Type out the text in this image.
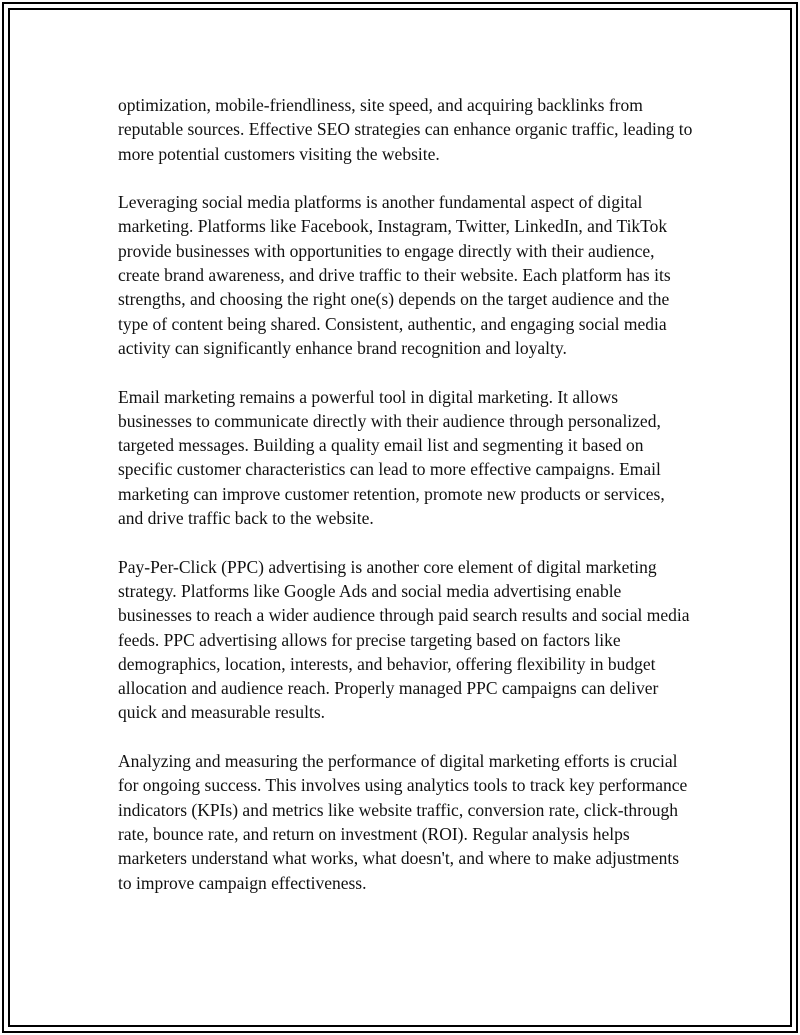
optimization, mobile-friendliness, site speed, and acquiring backlinks from reputable sources. Effective SEO strategies can enhance organic traffic, leading to more potential customers visiting the website.

Leveraging social media platforms is another fundamental aspect of digital marketing. Platforms like Facebook, Instagram, Twitter, LinkedIn, and TikTok provide businesses with opportunities to engage directly with their audience, create brand awareness, and drive traffic to their website. Each platform has its strengths, and choosing the right one(s) depends on the target audience and the type of content being shared. Consistent, authentic, and engaging social media activity can significantly enhance brand recognition and loyalty.

Email marketing remains a powerful tool in digital marketing. It allows businesses to communicate directly with their audience through personalized, targeted messages. Building a quality email list and segmenting it based on specific customer characteristics can lead to more effective campaigns. Email marketing can improve customer retention, promote new products or services, and drive traffic back to the website.

Pay-Per-Click (PPC) advertising is another core element of digital marketing strategy. Platforms like Google Ads and social media advertising enable businesses to reach a wider audience through paid search results and social media feeds. PPC advertising allows for precise targeting based on factors like demographics, location, interests, and behavior, offering flexibility in budget allocation and audience reach. Properly managed PPC campaigns can deliver quick and measurable results.

Analyzing and measuring the performance of digital marketing efforts is crucial for ongoing success. This involves using analytics tools to track key performance indicators (KPIs) and metrics like website traffic, conversion rate, click-through rate, bounce rate, and return on investment (ROI). Regular analysis helps marketers understand what works, what doesn't, and where to make adjustments to improve campaign effectiveness.
